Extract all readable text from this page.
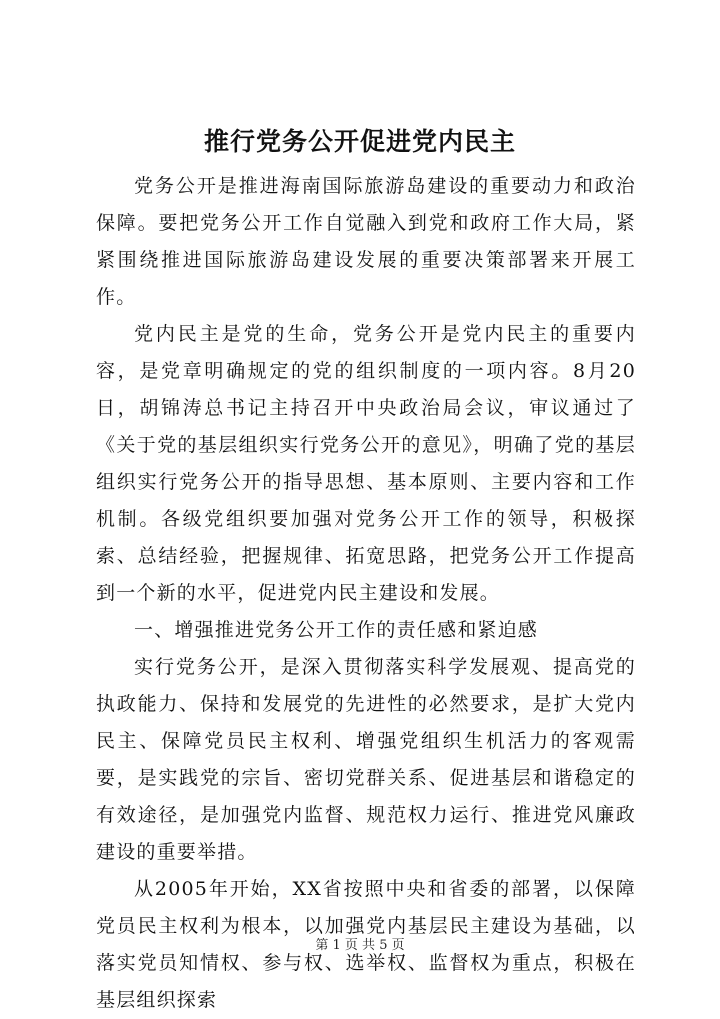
推行党务公开促进党内民主

党务公开是推进海南国际旅游岛建设的重要动力和政治保障。要把党务公开工作自觉融入到党和政府工作大局，紧紧围绕推进国际旅游岛建设发展的重要决策部署来开展工作。

党内民主是党的生命，党务公开是党内民主的重要内容，是党章明确规定的党的组织制度的一项内容。8月20日，胡锦涛总书记主持召开中央政治局会议，审议通过了《关于党的基层组织实行党务公开的意见》，明确了党的基层组织实行党务公开的指导思想、基本原则、主要内容和工作机制。各级党组织要加强对党务公开工作的领导，积极探索、总结经验，把握规律、拓宽思路，把党务公开工作提高到一个新的水平，促进党内民主建设和发展。

一、增强推进党务公开工作的责任感和紧迫感

实行党务公开，是深入贯彻落实科学发展观、提高党的执政能力、保持和发展党的先进性的必然要求，是扩大党内民主、保障党员民主权利、增强党组织生机活力的客观需要，是实践党的宗旨、密切党群关系、促进基层和谐稳定的有效途径，是加强党内监督、规范权力运行、推进党风廉政建设的重要举措。

从2005年开始，XX省按照中央和省委的部署，以保障党员民主权利为根本，以加强党内基层民主建设为基础，以落实党员知情权、参与权、选举权、监督权为重点，积极在基层组织探索

第 1 页 共 5 页
